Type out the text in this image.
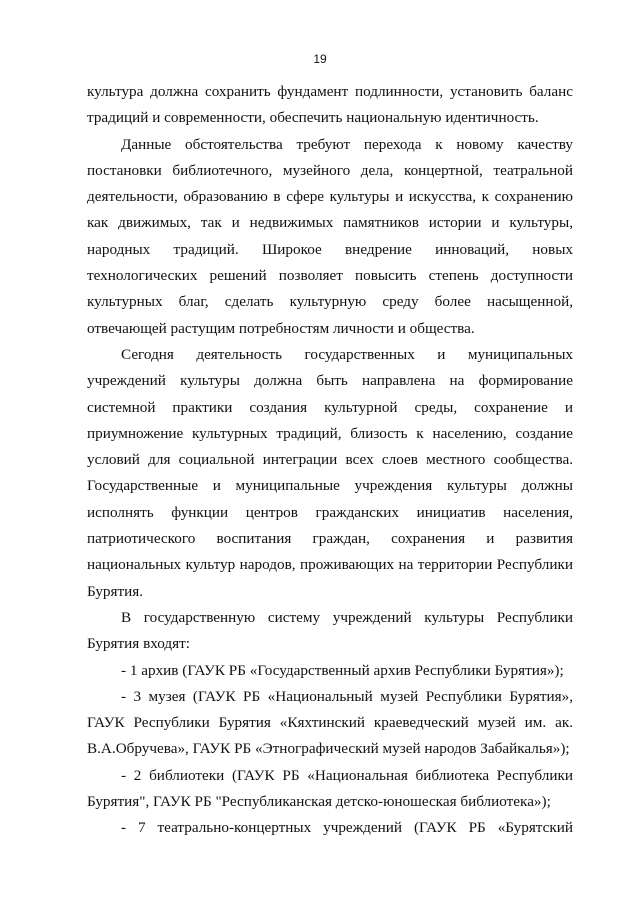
19

культура должна сохранить фундамент подлинности, установить баланс традиций и современности, обеспечить национальную идентичность.

Данные обстоятельства требуют перехода к новому качеству постановки библиотечного, музейного дела, концертной, театральной деятельности, образованию в сфере культуры и искусства, к сохранению как движимых, так и недвижимых памятников истории и культуры, народных традиций. Широкое внедрение инноваций, новых технологических решений позволяет повысить степень доступности культурных благ, сделать культурную среду более насыщенной, отвечающей растущим потребностям личности и общества.

Сегодня деятельность государственных и муниципальных учреждений культуры должна быть направлена на формирование системной практики создания культурной среды, сохранение и приумножение культурных традиций, близость к населению, создание условий для социальной интеграции всех слоев местного сообщества. Государственные и муниципальные учреждения культуры должны исполнять функции центров гражданских инициатив населения, патриотического воспитания граждан, сохранения и развития национальных культур народов, проживающих на территории Республики Бурятия.

В государственную систему учреждений культуры Республики Бурятия входят:

- 1 архив (ГАУК РБ «Государственный архив Республики Бурятия»);

- 3 музея (ГАУК РБ «Национальный музей Республики Бурятия», ГАУК Республики Бурятия «Кяхтинский краеведческий музей им. ак. В.А.Обручева», ГАУК РБ «Этнографический музей народов Забайкалья»);

- 2 библиотеки (ГАУК РБ «Национальная библиотека Республики Бурятия", ГАУК РБ "Республиканская детско-юношеская библиотека»);

- 7 театрально-концертных учреждений (ГАУК РБ «Бурятский
